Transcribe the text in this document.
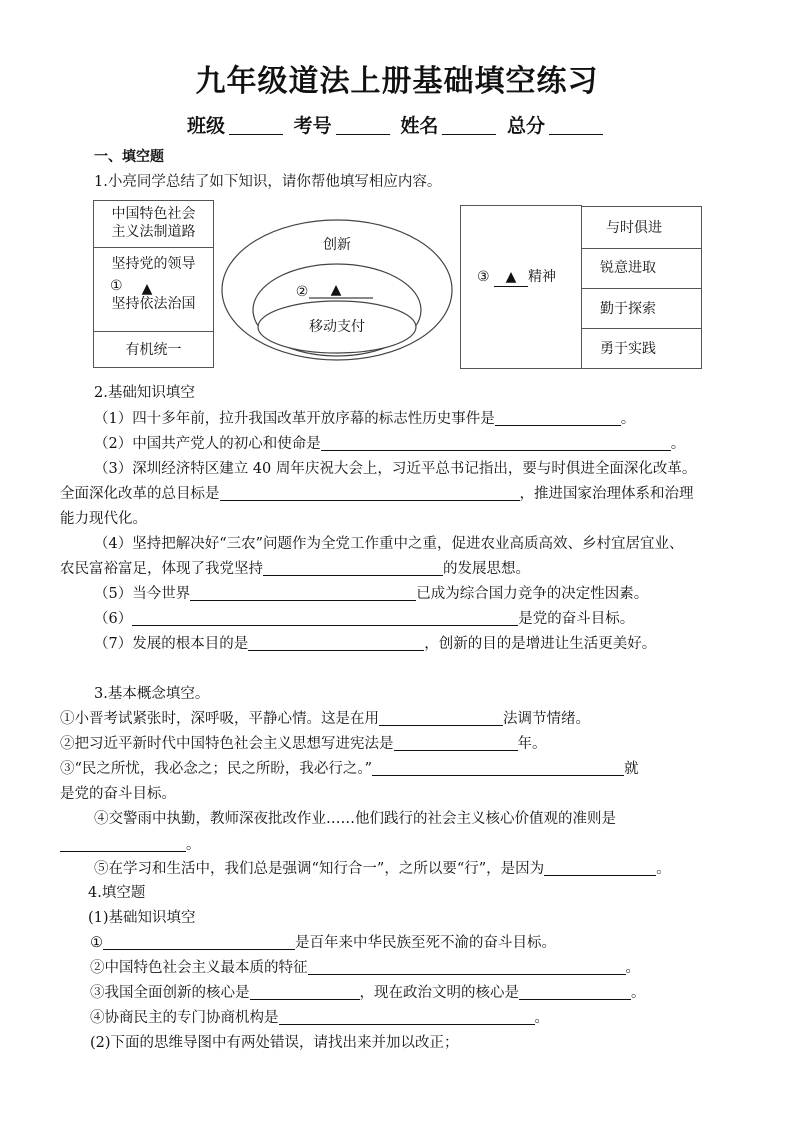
九年级道法上册基础填空练习
班级	考号	姓名	总分
一、填空题
1.小亮同学总结了如下知识，请你帮他填写相应内容。
中国特色社会
主义法制道路
坚持党的领导
① ▲
坚持依法治国
有机统一
创新
②	▲
移动支付
③ ▲ 精神
与时俱进
锐意进取
勤于探索
勇于实践
2.基础知识填空
（1）四十多年前，拉升我国改革开放序幕的标志性历史事件是	。
（2）中国共产党人的初心和使命是	。
（3）深圳经济特区建立 40 周年庆祝大会上，习近平总书记指出，要与时俱进全面深化改革。
全面深化改革的总目标是	，推进国家治理体系和治理
能力现代化。
（4）坚持把解决好“三农”问题作为全党工作重中之重，促进农业高质高效、乡村宜居宜业、
农民富裕富足，体现了我党坚持	的发展思想。
（5）当今世界	已成为综合国力竞争的决定性因素。
（6）	是党的奋斗目标。
（7）发展的根本目的是	，创新的目的是增进让生活更美好。
3.基本概念填空。
①小晋考试紧张时，深呼吸，平静心情。这是在用	法调节情绪。
②把习近平新时代中国特色社会主义思想写进宪法是	年。
③“民之所忧，我必念之；民之所盼，我必行之。”	就
是党的奋斗目标。
④交警雨中执勤，教师深夜批改作业……他们践行的社会主义核心价值观的准则是
。
⑤在学习和生活中，我们总是强调“知行合一”，之所以要“行”，是因为	。
4.填空题
(1)基础知识填空
①	是百年来中华民族至死不渝的奋斗目标。
②中国特色社会主义最本质的特征	。
③我国全面创新的核心是	，现在政治文明的核心是	。
④协商民主的专门协商机构是	。
(2)下面的思维导图中有两处错误，请找出来并加以改正；
